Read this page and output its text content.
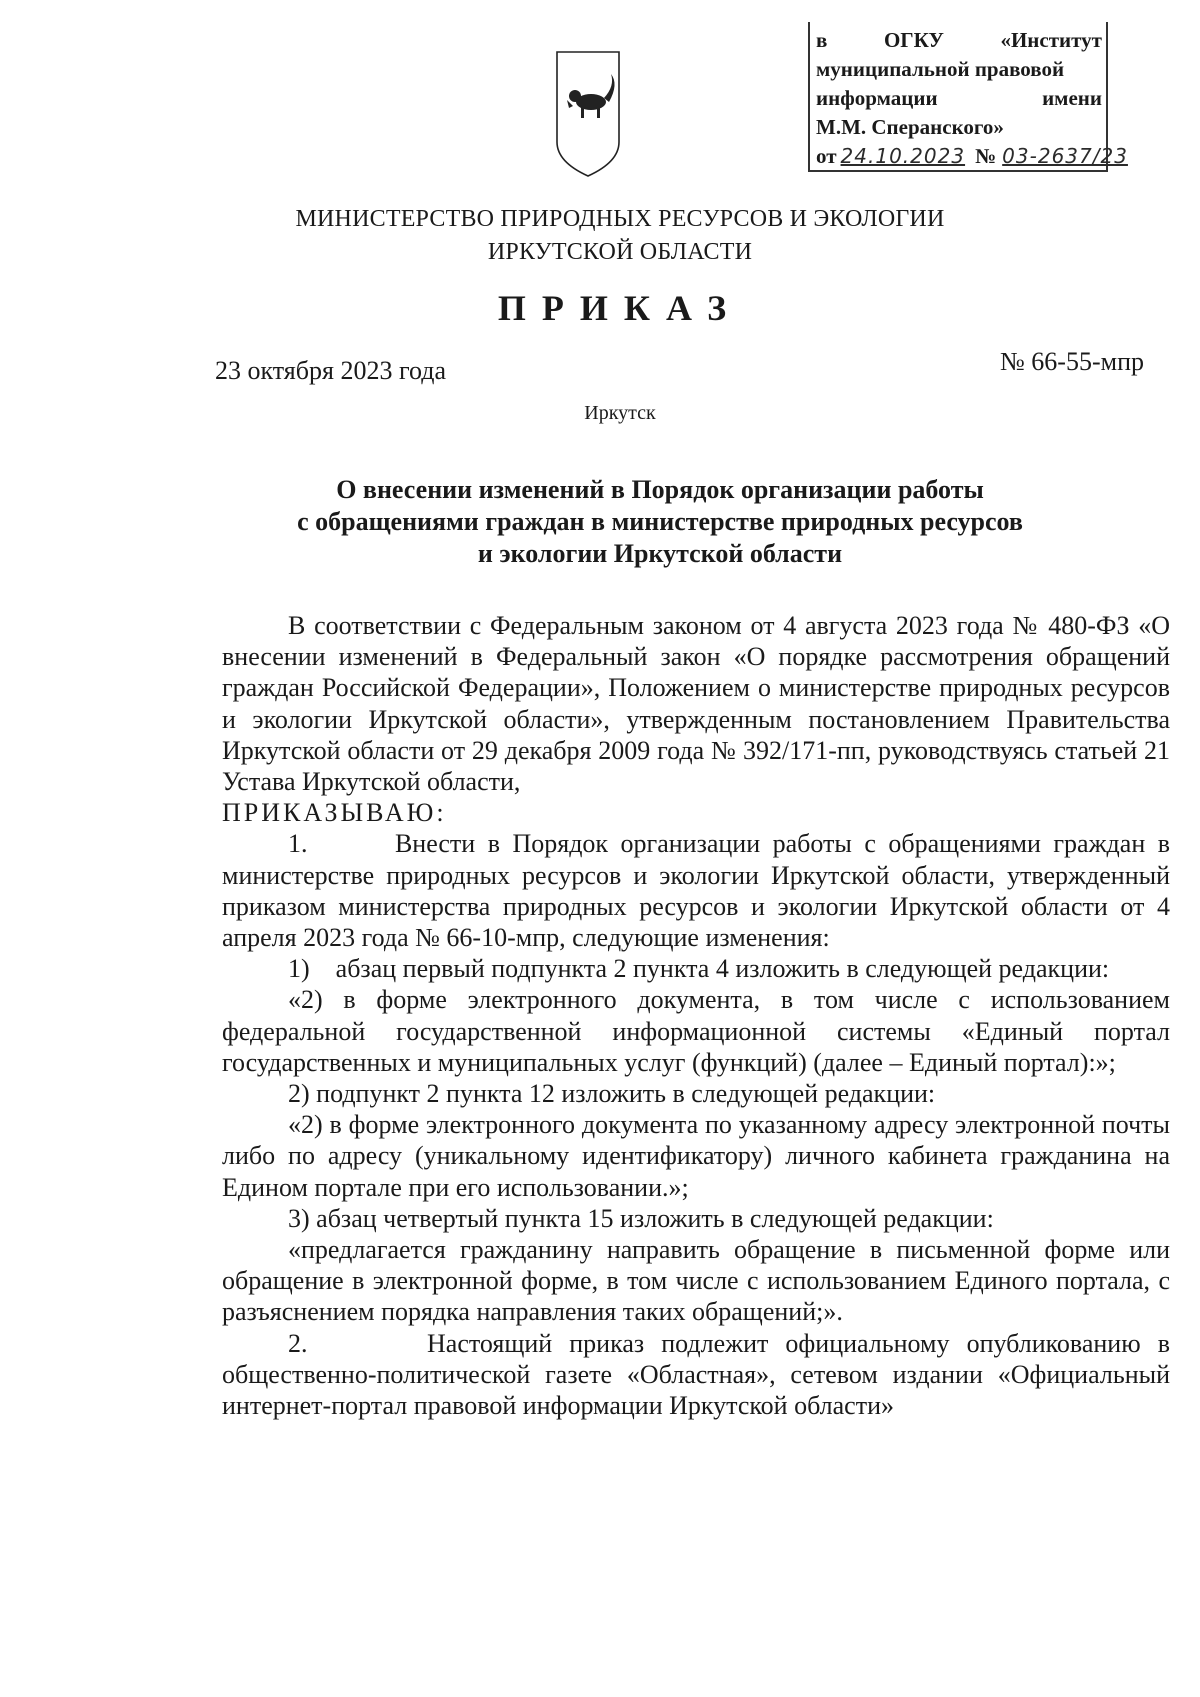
в	ОГКУ	«Институт
муниципальной правовой
информации	имени
М.М. Сперанского»
от 24.10.2023 № 03-2637/23
МИНИСТЕРСТВО ПРИРОДНЫХ РЕСУРСОВ И ЭКОЛОГИИ
ИРКУТСКОЙ ОБЛАСТИ
ПРИКАЗ
23 октября 2023 года	№ 66-55-мпр
Иркутск
О внесении изменений в Порядок организации работы
с обращениями граждан в министерстве природных ресурсов
и экологии Иркутской области

В соответствии с Федеральным законом от 4 августа 2023 года № 480-ФЗ «О внесении изменений в Федеральный закон «О порядке рассмотрения обращений граждан Российской Федерации», Положением о министерстве природных ресурсов и экологии Иркутской области», утвержденным постановлением Правительства Иркутской области от 29 декабря 2009 года № 392/171-пп, руководствуясь статьей 21 Устава Иркутской области,

ПРИКАЗЫВАЮ:

1.       Внести в Порядок организации работы с обращениями граждан в министерстве природных ресурсов и экологии Иркутской области, утвержденный приказом министерства природных ресурсов и экологии Иркутской области от 4 апреля 2023 года № 66-10-мпр, следующие изменения:

1)    абзац первый подпункта 2 пункта 4 изложить в следующей редакции:

«2) в форме электронного документа, в том числе с использованием федеральной государственной информационной системы «Единый портал государственных и муниципальных услуг (функций) (далее – Единый портал):»;

2) подпункт 2 пункта 12 изложить в следующей редакции:

«2) в форме электронного документа по указанному адресу электронной почты либо по адресу (уникальному идентификатору) личного кабинета гражданина на Едином портале при его использовании.»;

3) абзац четвертый пункта 15 изложить в следующей редакции:

«предлагается гражданину направить обращение в письменной форме или обращение в электронной форме, в том числе с использованием Единого портала, с разъяснением порядка направления таких обращений;».

2.       Настоящий приказ подлежит официальному опубликованию в общественно-политической газете «Областная», сетевом издании «Официальный интернет-портал правовой информации Иркутской области»
